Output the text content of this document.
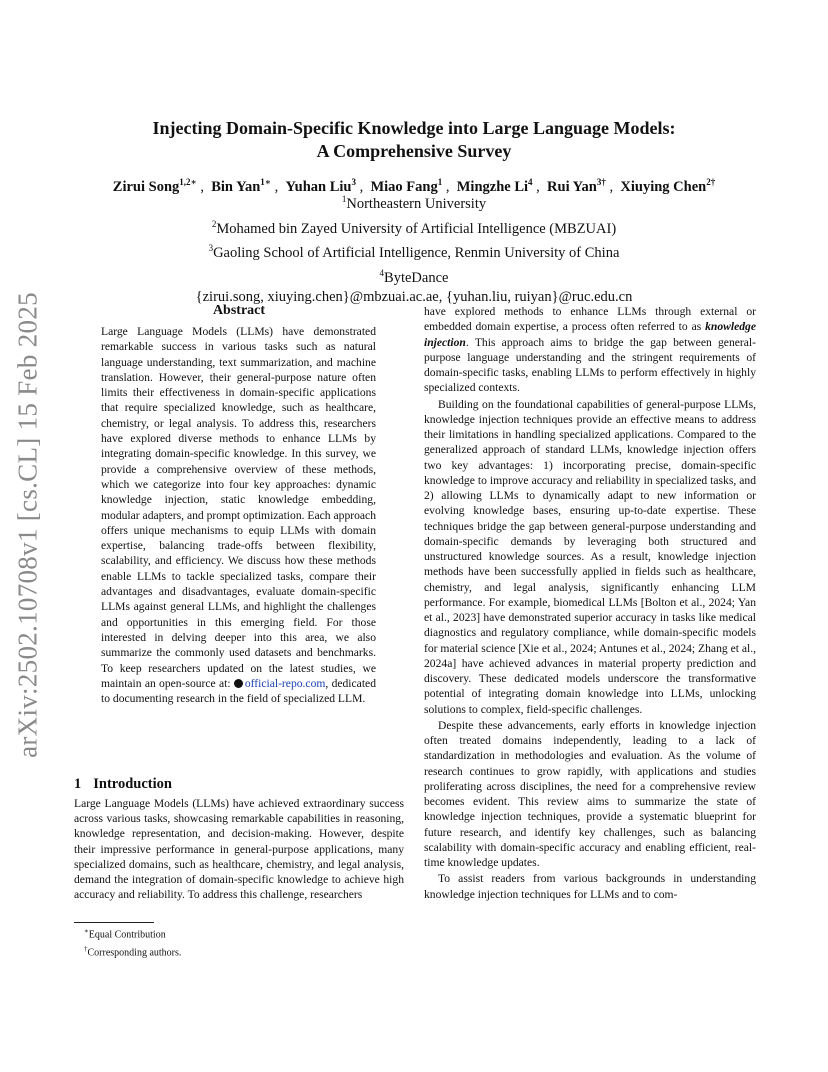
arXiv:2502.10708v1 [cs.CL] 15 Feb 2025
Injecting Domain-Specific Knowledge into Large Language Models:
A Comprehensive Survey
Zirui Song$^{1,2∗}$ ,  Bin Yan$^{1∗}$ ,  Yuhan Liu$^3$ ,  Miao Fang$^1$ ,  Mingzhe Li$^4$ ,  Rui Yan$^{3\dagger}$ ,  Xiuying Chen$^{2\dagger}$
$^1$Northeastern University
$^2$Mohamed bin Zayed University of Artificial Intelligence (MBZUAI)
$^3$Gaoling School of Artificial Intelligence, Renmin University of China
$^4$ByteDance
{zirui.song, xiuying.chen}@mbzuai.ac.ae, {yuhan.liu, ruiyan}@ruc.edu.cn
Abstract

Large Language Models (LLMs) have demonstrated remarkable success in various tasks such as natural language understanding, text summarization, and machine translation. However, their general-purpose nature often limits their effectiveness in domain-specific applications that require specialized knowledge, such as healthcare, chemistry, or legal analysis. To address this, researchers have explored diverse methods to enhance LLMs by integrating domain-specific knowledge. In this survey, we provide a comprehensive overview of these methods, which we categorize into four key approaches: dynamic knowledge injection, static knowledge embedding, modular adapters, and prompt optimization. Each approach offers unique mechanisms to equip LLMs with domain expertise, balancing trade-offs between flexibility, scalability, and efficiency. We discuss how these methods enable LLMs to tackle specialized tasks, compare their advantages and disadvantages, evaluate domain-specific LLMs against general LLMs, and highlight the challenges and opportunities in this emerging field. For those interested in delving deeper into this area, we also summarize the commonly used datasets and benchmarks. To keep researchers updated on the latest studies, we maintain an open-source at: official-repo.com, dedicated to documenting research in the field of specialized LLM.

1 Introduction

Large Language Models (LLMs) have achieved extraordinary success across various tasks, showcasing remarkable capabilities in reasoning, knowledge representation, and decision-making. However, despite their impressive performance in general-purpose applications, many specialized domains, such as healthcare, chemistry, and legal analysis, demand the integration of domain-specific knowledge to achieve high accuracy and reliability. To address this challenge, researchers

∗Equal Contribution
†Corresponding authors.

have explored methods to enhance LLMs through external or embedded domain expertise, a process often referred to as knowledge injection. This approach aims to bridge the gap between general-purpose language understanding and the stringent requirements of domain-specific tasks, enabling LLMs to perform effectively in highly specialized contexts.

Building on the foundational capabilities of general-purpose LLMs, knowledge injection techniques provide an effective means to address their limitations in handling specialized applications. Compared to the generalized approach of standard LLMs, knowledge injection offers two key advantages: 1) incorporating precise, domain-specific knowledge to improve accuracy and reliability in specialized tasks, and 2) allowing LLMs to dynamically adapt to new information or evolving knowledge bases, ensuring up-to-date expertise. These techniques bridge the gap between general-purpose understanding and domain-specific demands by leveraging both structured and unstructured knowledge sources. As a result, knowledge injection methods have been successfully applied in fields such as healthcare, chemistry, and legal analysis, significantly enhancing LLM performance. For example, biomedical LLMs [Bolton et al., 2024; Yan et al., 2023] have demonstrated superior accuracy in tasks like medical diagnostics and regulatory compliance, while domain-specific models for material science [Xie et al., 2024; Antunes et al., 2024; Zhang et al., 2024a] have achieved advances in material property prediction and discovery. These dedicated models underscore the transformative potential of integrating domain knowledge into LLMs, unlocking solutions to complex, field-specific challenges.

Despite these advancements, early efforts in knowledge injection often treated domains independently, leading to a lack of standardization in methodologies and evaluation. As the volume of research continues to grow rapidly, with applications and studies proliferating across disciplines, the need for a comprehensive review becomes evident. This review aims to summarize the state of knowledge injection techniques, provide a systematic blueprint for future research, and identify key challenges, such as balancing scalability with domain-specific accuracy and enabling efficient, real-time knowledge updates.

To assist readers from various backgrounds in understanding knowledge injection techniques for LLMs and to com-
